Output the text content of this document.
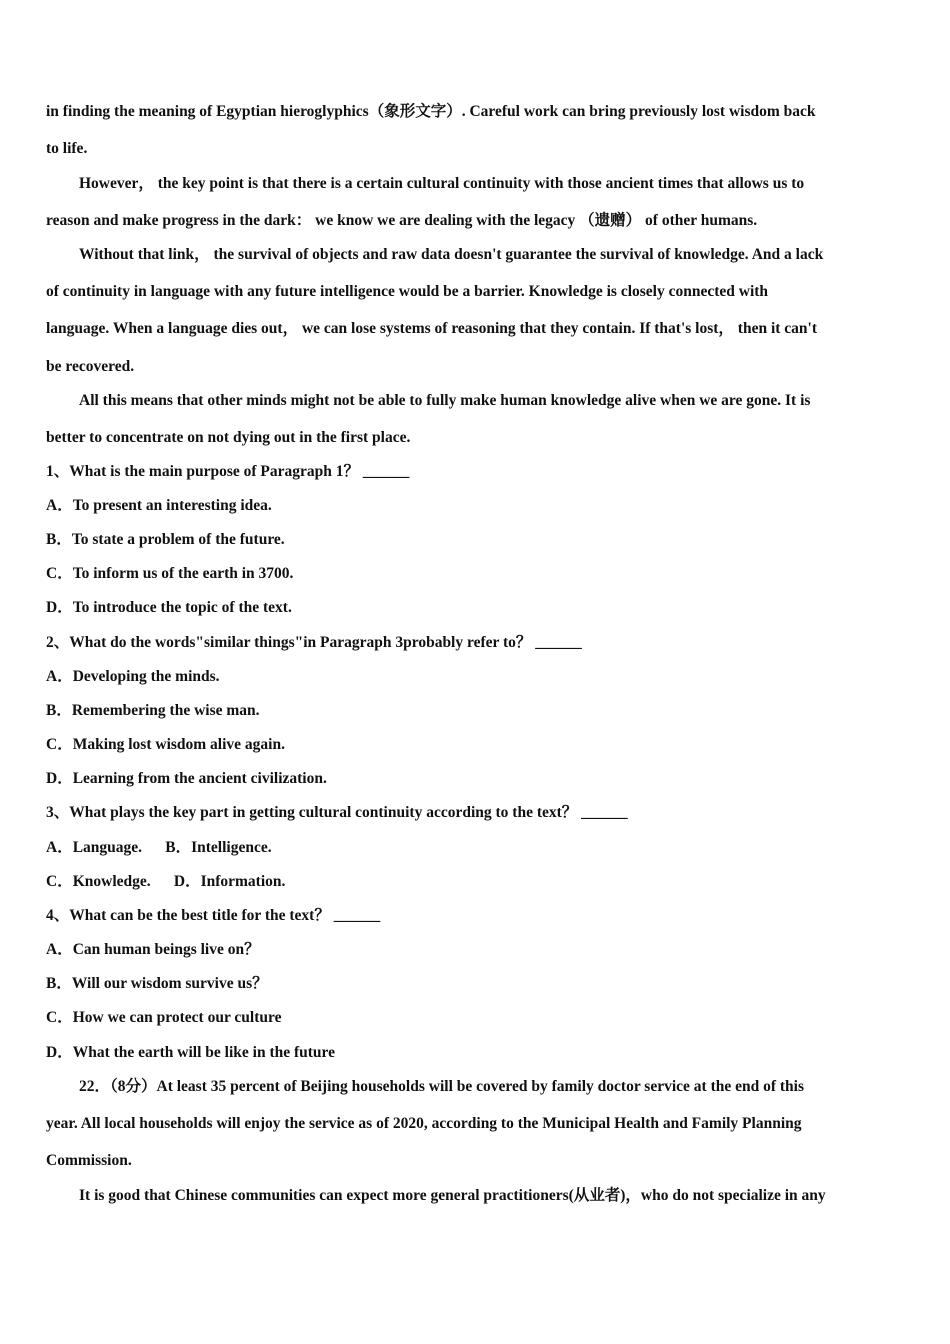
in finding the meaning of Egyptian hieroglyphics（象形文字）. Careful work can bring previously lost wisdom back
to life.
However， the key point is that there is a certain cultural continuity with those ancient times that allows us to
reason and make progress in the dark： we know we are dealing with the legacy （遗赠） of other humans.
Without that link， the survival of objects and raw data doesn't guarantee the survival of knowledge. And a lack
of continuity in language with any future intelligence would be a barrier. Knowledge is closely connected with
language. When a language dies out， we can lose systems of reasoning that they contain. If that's lost， then it can't
be recovered.
All this means that other minds might not be able to fully make human knowledge alive when we are gone. It is
better to concentrate on not dying out in the first place.
1、What is the main purpose of Paragraph 1？ ______
A．To present an interesting idea.
B．To state a problem of the future.
C．To inform us of the earth in 3700.
D．To introduce the topic of the text.
2、What do the words"similar things"in Paragraph 3probably refer to？ ______
A．Developing the minds.
B．Remembering the wise man.
C．Making lost wisdom alive again.
D．Learning from the ancient civilization.
3、What plays the key part in getting cultural continuity according to the text？ ______
A．Language.      B．Intelligence.
C．Knowledge.      D．Information.
4、What can be the best title for the text？ ______
A．Can human beings live on？
B．Will our wisdom survive us？
C．How we can protect our culture
D．What the earth will be like in the future
22．（8分）At least 35 percent of Beijing households will be covered by family doctor service at the end of this
year. All local households will enjoy the service as of 2020, according to the Municipal Health and Family Planning
Commission.
It is good that Chinese communities can expect more general practitioners(从业者)，who do not specialize in any
